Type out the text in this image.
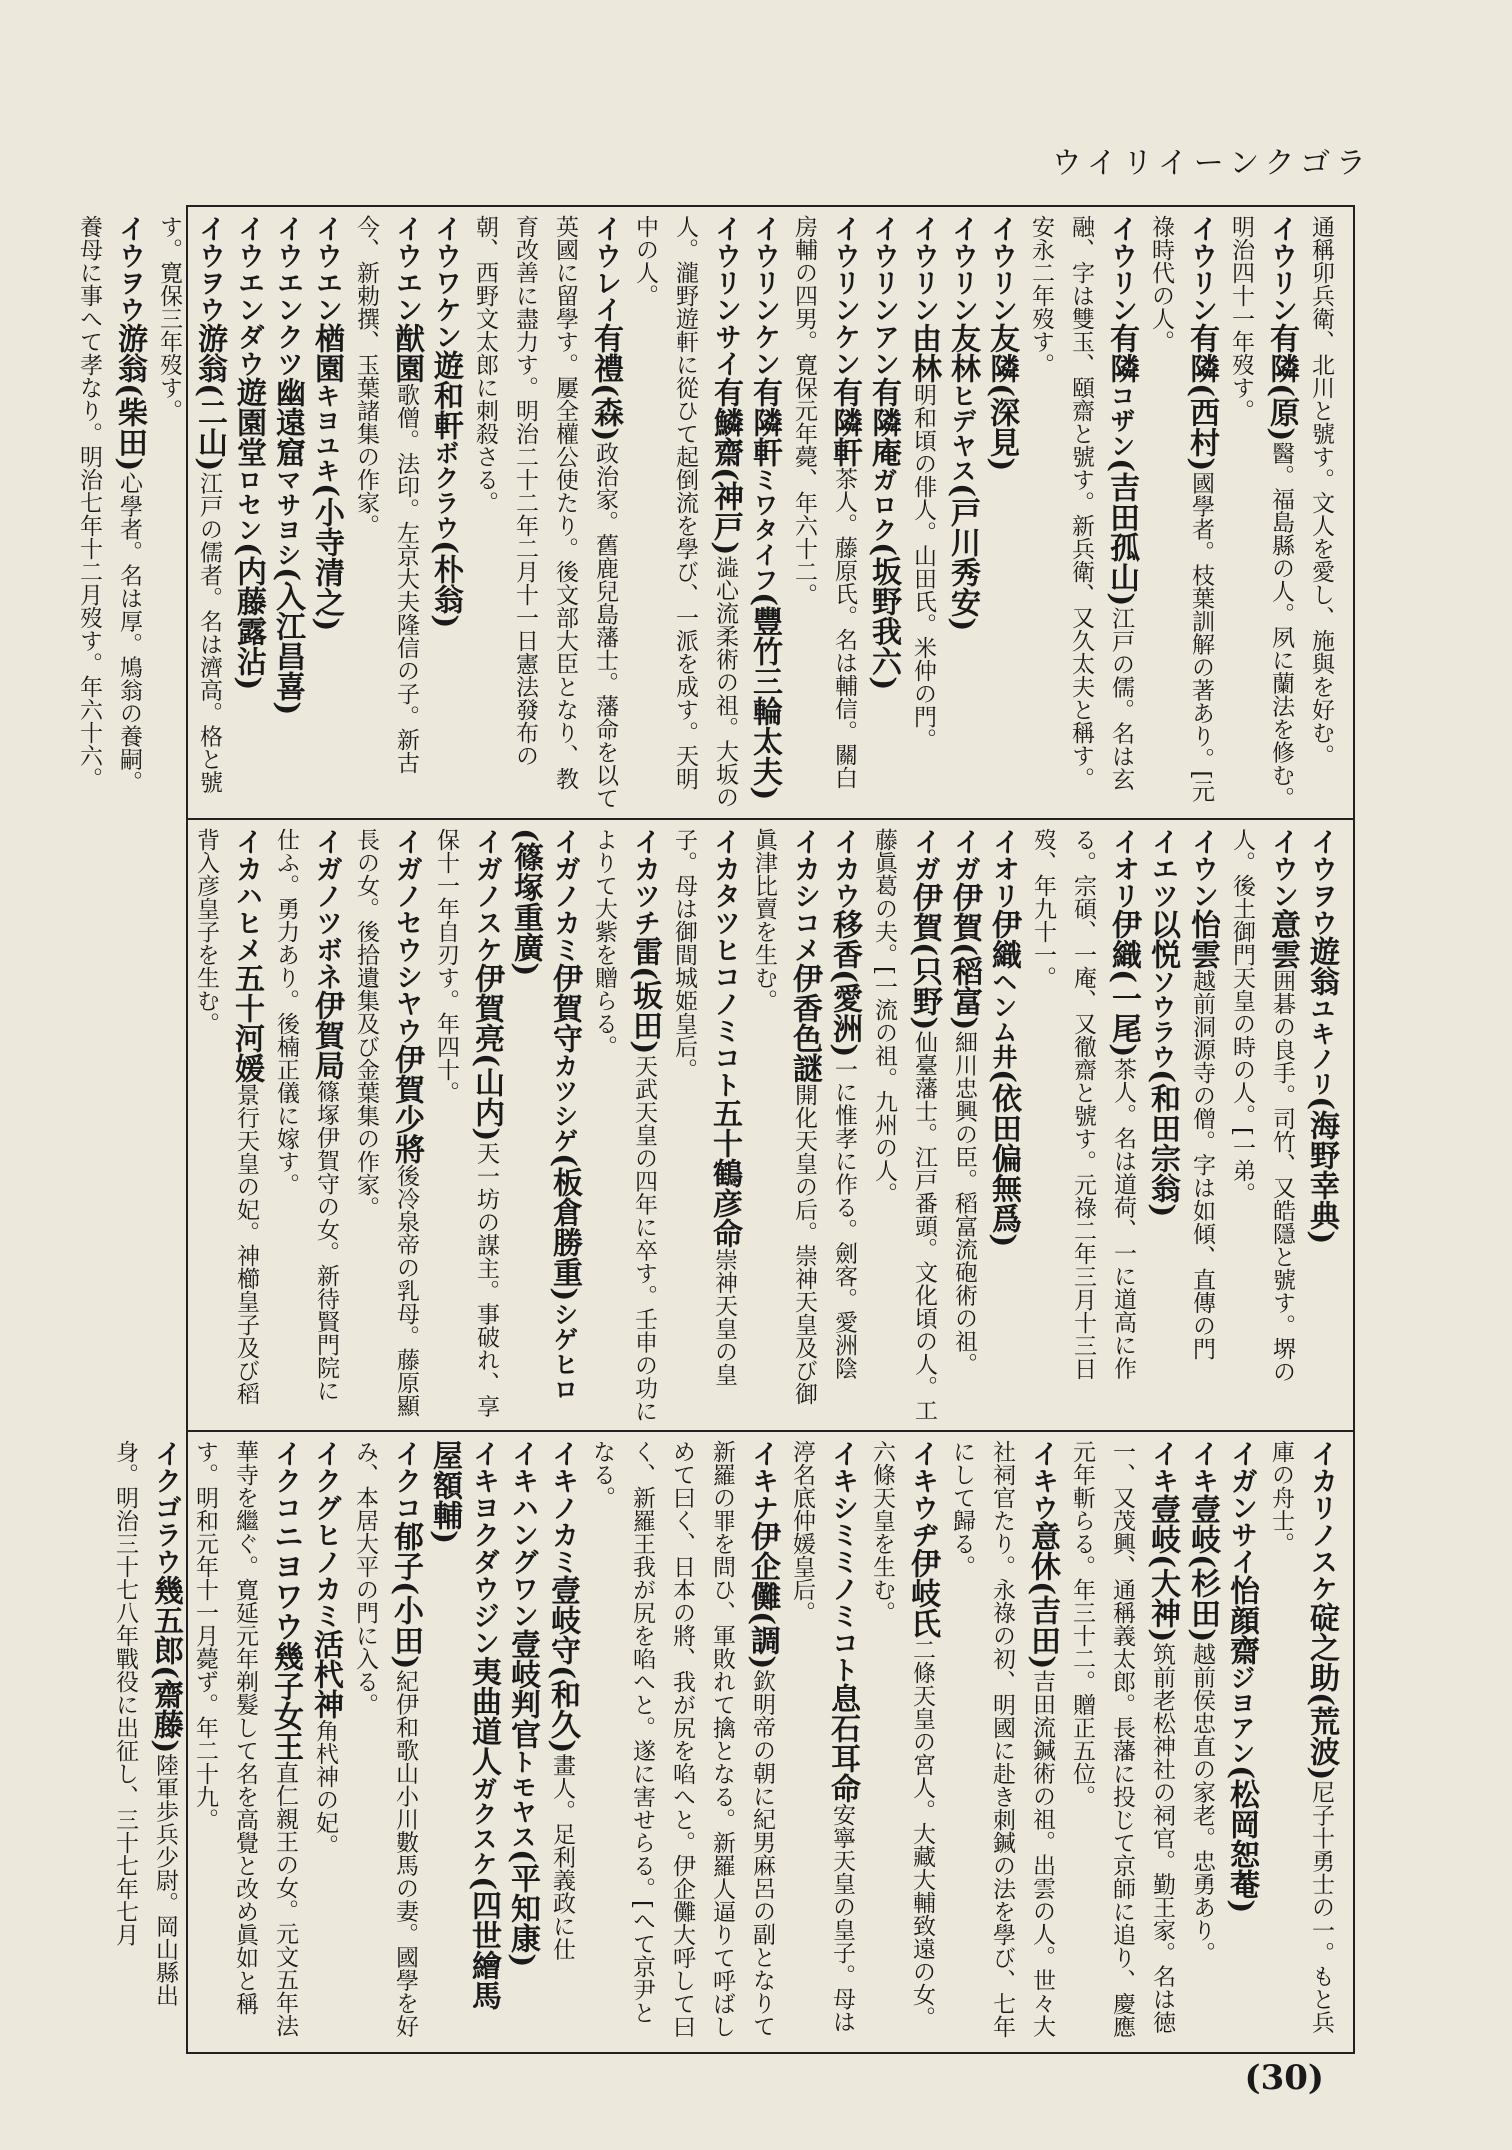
ウイリイーンクゴラ
通稱卯兵衛、北川と號す。文人を愛し、施與を好む。
イウリン有隣(原)醫。福島縣の人。夙に蘭法を修む。明治四十一年歿す。
イウリン有隣(西村)國學者。枝葉訓解の著あり。[元祿時代の人。
イウリン有隣コザン(吉田孤山)江戸の儒。名は玄融、字は雙玉、頤齋と號す。新兵衛、又久太夫と稱す。安永二年歿す。
イウリン友隣(深見)
イウリン友林ヒデヤス(戸川秀安)
イウリン由林明和頃の俳人。山田氏。米仲の門。
イウリンアン有隣庵ガロク(坂野我六)
イウリンケン有隣軒茶人。藤原氏。名は輔信。關白房輔の四男。寛保元年薨、年六十二。
イウリンケン有隣軒ミワタイフ(豐竹三輪太夫)
イウリンサイ有鱗齋(神戸)澁心流柔術の祖。大坂の人。瀧野遊軒に從ひて起倒流を學び、一派を成す。天明中の人。
イウレイ有禮(森)政治家。舊鹿兒島藩士。藩命を以て英國に留學す。屢全權公使たり。後文部大臣となり、教育改善に盡力す。明治二十二年二月十一日憲法發布の朝、西野文太郎に刺殺さる。
イウワケン遊和軒ボクラウ(朴翁)
イウエン猷園歌僧。法印。左京大夫隆信の子。新古今、新勅撰、玉葉諸集の作家。
イウエン楢園キヨユキ(小寺清之)
イウエンクツ幽遠窟マサヨシ(入江昌喜)
イウエンダウ遊園堂ロセン(内藤露沾)
イウヲウ游翁(二山)江戸の儒者。名は濟高。格と號す。寛保三年歿す。
イウヲウ游翁(柴田)心學者。名は厚。鳩翁の養嗣。養母に事へて孝なり。明治七年十二月歿す。年六十六。
イウヲウ遊翁ユキノリ(海野幸典)
イウン意雲囲碁の良手。司竹、又皓隱と號す。堺の人。後土御門天皇の時の人。[一弟。
イウン怡雲越前洞源寺の僧。字は如傾、直傳の門
イエツ以悦ソウラウ(和田宗翁)
イオリ伊織(一尾)茶人。名は道荷、一に道高に作る。宗碩、一庵、又徹齋と號す。元祿二年三月十三日歿、年九十一。
イオリ伊織ヘンム井(依田偏無爲)
イガ伊賀(稻富)細川忠興の臣。稻富流砲術の祖。
イガ伊賀(只野)仙臺藩士。江戸番頭。文化頃の人。工藤眞葛の夫。[一流の祖。九州の人。
イカウ移香(愛洲)一に惟孝に作る。劍客。愛洲陰
イカシコメ伊香色謎開化天皇の后。崇神天皇及び御眞津比賣を生む。
イカタツヒコノミコト五十鶴彦命崇神天皇の皇子。母は御間城姫皇后。
イカツチ雷(坂田)天武天皇の四年に卒す。壬申の功によりて大紫を贈らる。
イガノカミ伊賀守カツシゲ(板倉勝重)シゲヒロ(篠塚重廣)
イガノスケ伊賀亮(山内)天一坊の謀主。事破れ、享保十一年自刃す。年四十。
イガノセウシヤウ伊賀少將後冷泉帝の乳母。藤原顯長の女。後拾遺集及び金葉集の作家。
イガノツボネ伊賀局篠塚伊賀守の女。新待賢門院に仕ふ。勇力あり。後楠正儀に嫁す。
イカハヒメ五十河媛景行天皇の妃。神櫛皇子及び稻背入彦皇子を生む。
イカリノスケ碇之助(荒波)尼子十勇士の一。もと兵庫の舟士。
イガンサイ怡顔齋ジヨアン(松岡恕菴)
イキ壹岐(杉田)越前侯忠直の家老。忠勇あり。
イキ壹岐(大神)筑前老松神社の祠官。勤王家。名は徳一、又茂興、通稱義太郎。長藩に投じて京師に追り、慶應元年斬らる。年三十二。贈正五位。
イキウ意休(吉田)吉田流鍼術の祖。出雲の人。世々大社祠官たり。永祿の初、明國に赴き刺鍼の法を學び、七年にして歸る。
イキウヂ伊岐氏二條天皇の宮人。大藏大輔致遠の女。六條天皇を生む。
イキシミミノミコト息石耳命安寧天皇の皇子。母は渟名底仲媛皇后。
イキナ伊企儺(調)欽明帝の朝に紀男麻呂の副となりて新羅の罪を問ひ、軍敗れて擒となる。新羅人逼りて呼ばしめて曰く、日本の將、我が尻を啗へと。伊企儺大呼して曰く、新羅王我が尻を啗へと。遂に害せらる。[へて京尹となる。
イキノカミ壹岐守(和久)畫人。足利義政に仕
イキハングワン壹岐判官トモヤス(平知康)
イキヨクダウジン夷曲道人ガクスケ(四世繪馬屋額輔)
イクコ郁子(小田)紀伊和歌山小川數馬の妻。國學を好み、本居大平の門に入る。
イクグヒノカミ活杙神角杙神の妃。
イクコニヨワウ幾子女王直仁親王の女。元文五年法華寺を繼ぐ。寛延元年剃髮して名を高覺と改め眞如と稱す。明和元年十一月薨ず。年二十九。
イクゴラウ幾五郎(齋藤)陸軍歩兵少尉。岡山縣出身。明治三十七八年戰役に出征し、三十七年七月
(30)
